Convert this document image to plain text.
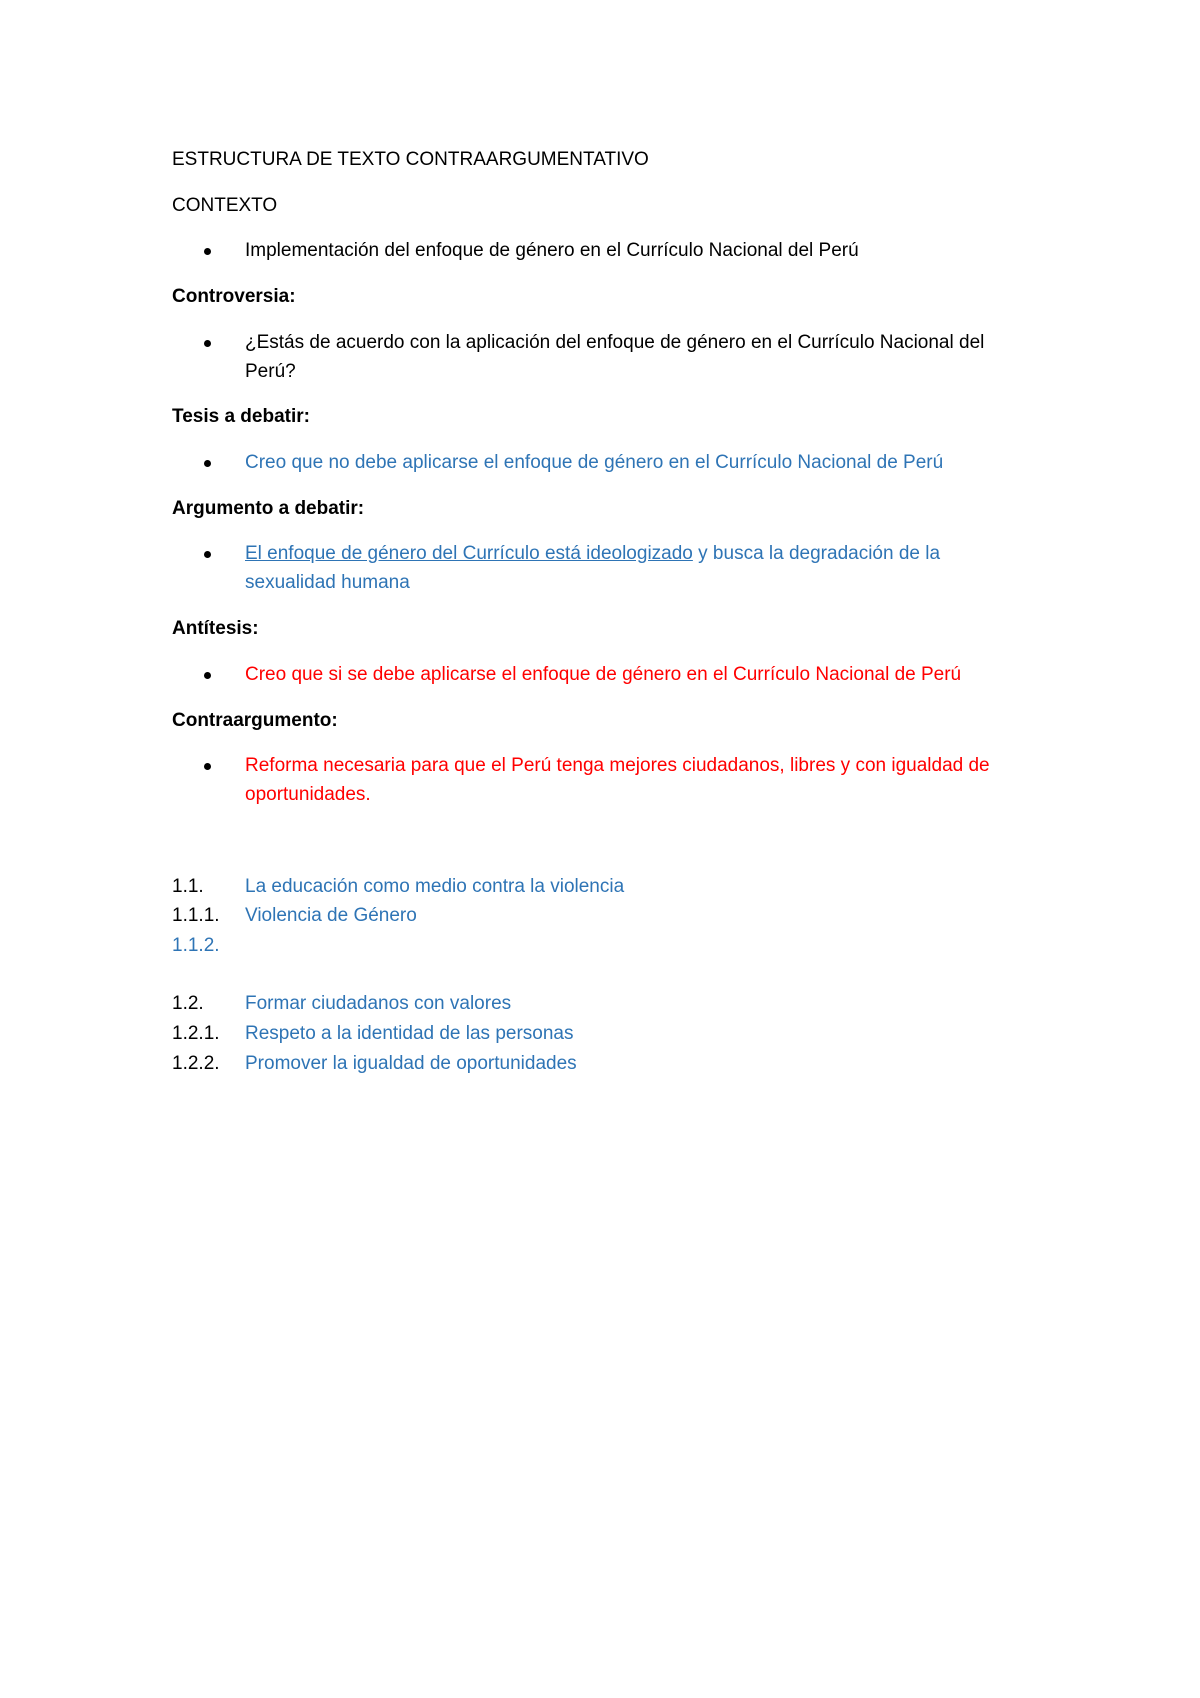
ESTRUCTURA DE TEXTO CONTRAARGUMENTATIVO
CONTEXTO
Implementación del enfoque de género en el Currículo Nacional del Perú
Controversia:
¿Estás de acuerdo con la aplicación del enfoque de género en el Currículo Nacional del
Perú?
Tesis a debatir:
Creo que no debe aplicarse el enfoque de género en el Currículo Nacional de Perú
Argumento a debatir:
El enfoque de género del Currículo está ideologizado y busca la degradación de la
sexualidad humana
Antítesis:
Creo que si se debe aplicarse el enfoque de género en el Currículo Nacional de Perú
Contraargumento:
Reforma necesaria para que el Perú tenga mejores ciudadanos, libres y con igualdad de
oportunidades.
1.1. La educación como medio contra la violencia
1.1.1. Violencia de Género
1.1.2.
1.2. Formar ciudadanos con valores
1.2.1. Respeto a la identidad de las personas
1.2.2. Promover la igualdad de oportunidades
